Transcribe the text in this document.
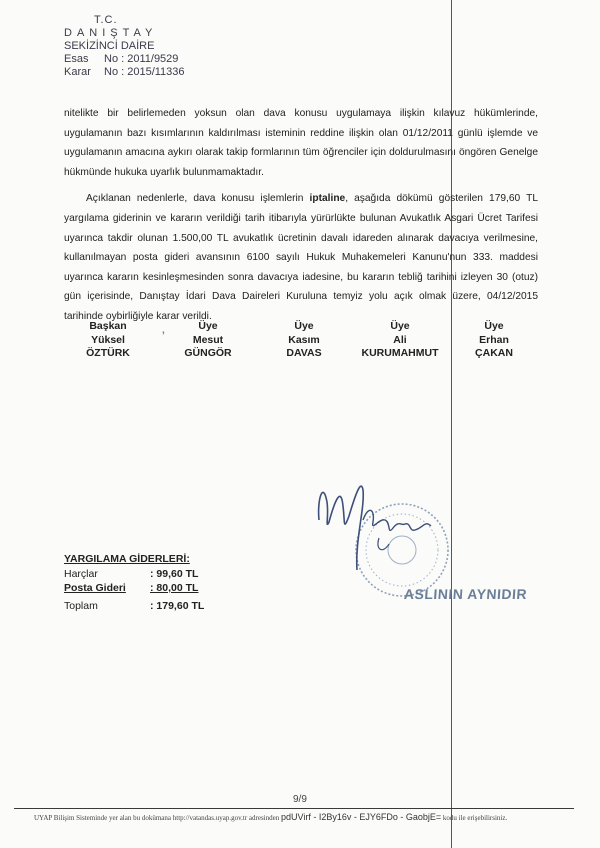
T.C.
DANIŞTAY
SEKİZİNCİ DAİRE
Esas No : 2011/9529
Karar No : 2015/11336

nitelikte bir belirlemeden yoksun olan dava konusu uygulamaya ilişkin kılavuz hükümlerinde, uygulamanın bazı kısımlarının kaldırılması isteminin reddine ilişkin olan 01/12/2011 günlü işlemde ve uygulamanın amacına aykırı olarak takip formlarının tüm öğrenciler için doldurulmasını öngören Genelge hükmünde hukuka uyarlık bulunmamaktadır.

Açıklanan nedenlerle, dava konusu işlemlerin iptaline, aşağıda dökümü gösterilen 179,60 TL yargılama giderinin ve kararın verildiği tarih itibarıyla yürürlükte bulunan Avukatlık Asgari Ücret Tarifesi uyarınca takdir olunan 1.500,00 TL avukatlık ücretinin davalı idareden alınarak davacıya verilmesine, kullanılmayan posta gideri avansının 6100 sayılı Hukuk Muhakemeleri Kanunu'nun 333. maddesi uyarınca kararın kesinleşmesinden sonra davacıya iadesine, bu kararın tebliğ tarihini izleyen 30 (otuz) gün içerisinde, Danıştay İdari Dava Daireleri Kuruluna temyiz yolu açık olmak üzere, 04/12/2015 tarihinde oybirliğiyle karar verildi.

,
Başkan
Yüksel
ÖZTÜRK
Üye
Mesut
GÜNGÖR
Üye
Kasım
DAVAS
Üye
Ali
KURUMAHMUT
Üye
Erhan
ÇAKAN
ASLININ AYNIDIR
YARGILAMA GİDERLERİ:
Harçlar	: 99,60 TL
Posta Gideri : 80,00 TL
Toplam	: 179,60 TL
9/9
UYAP Bilişim Sisteminde yer alan bu dokümana http://vatandas.uyap.gov.tr adresinden pdUVirf - I2By16v - EJY6FDo - GaobjE= kodu ile erişebilirsiniz.
